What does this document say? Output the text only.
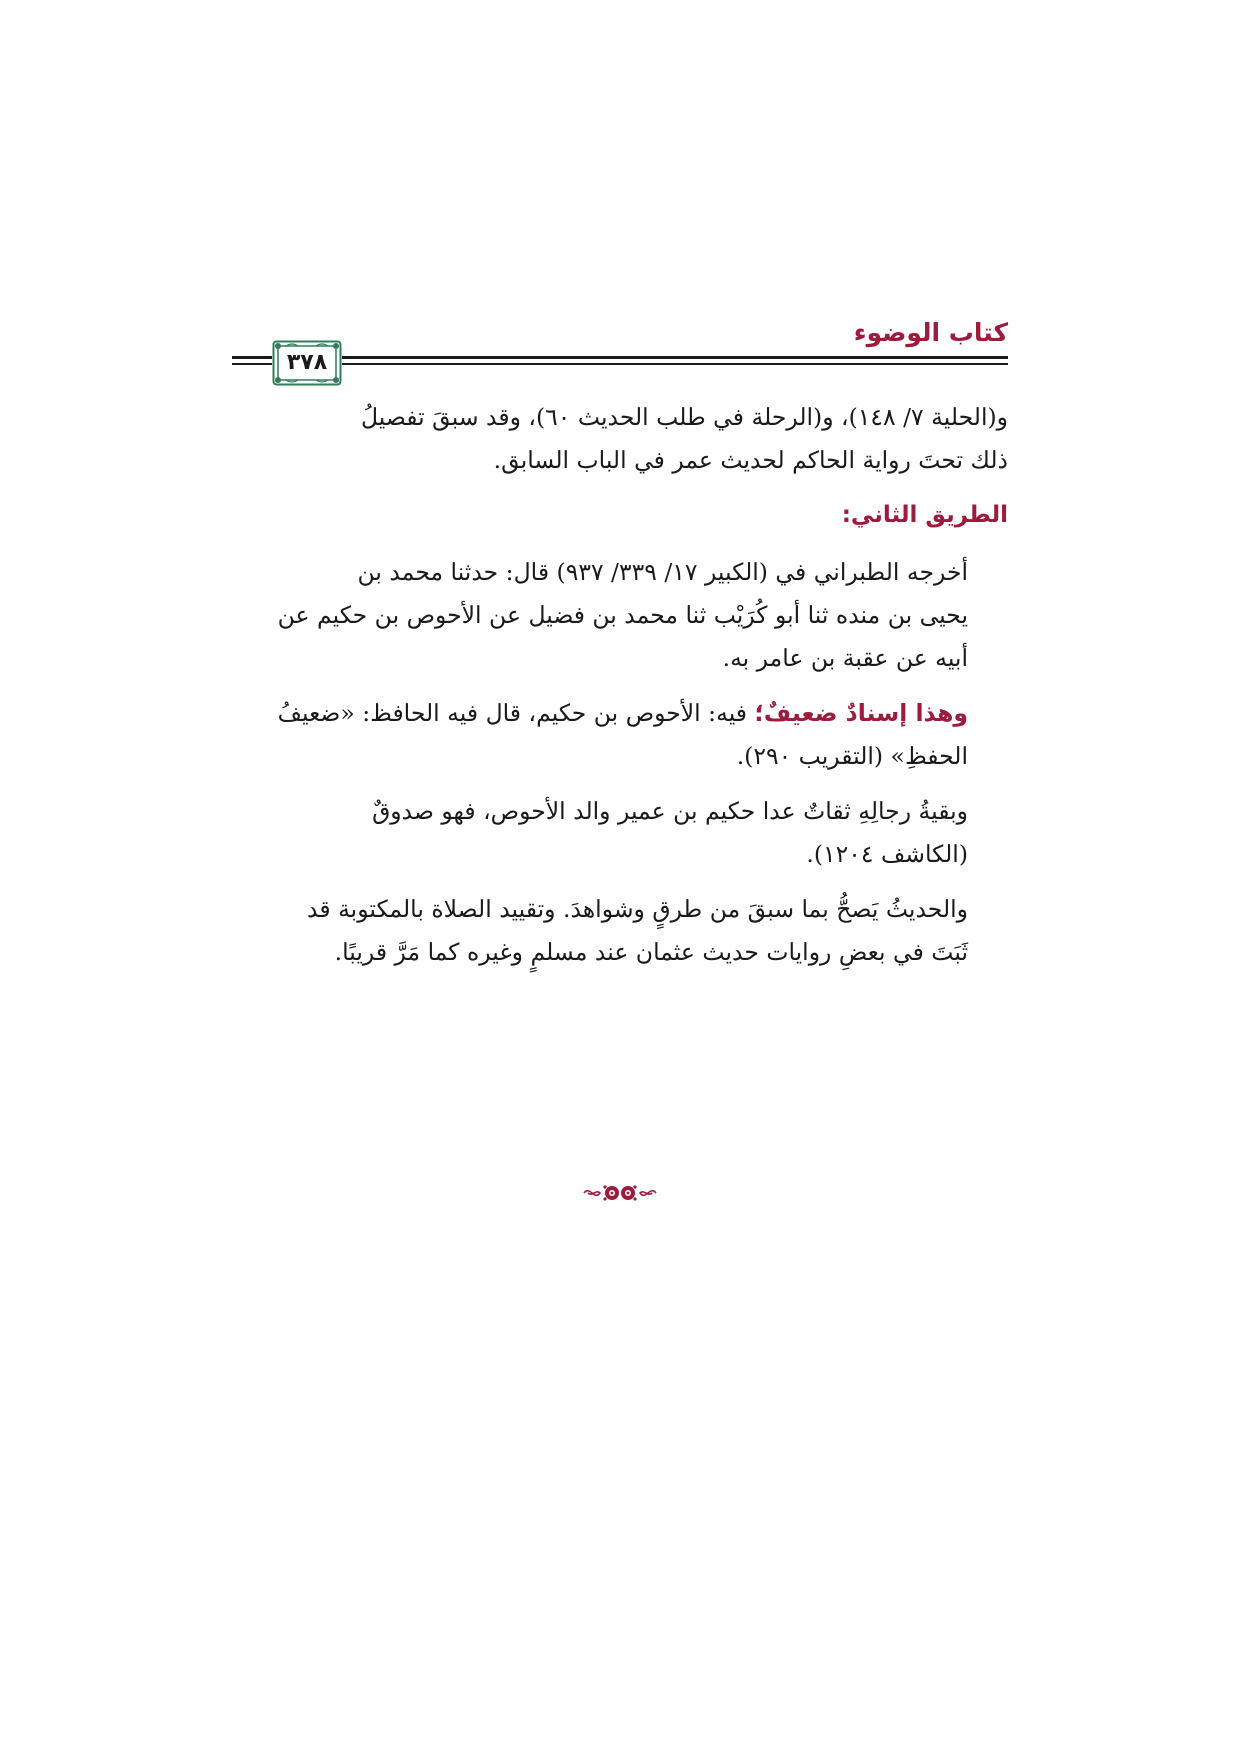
كتاب الوضوء
٣٧٨

و(الحلية ٧/ ١٤٨)، و(الرحلة في طلب الحديث ٦٠)، وقد سبقَ تفصيلُ
ذلك تحتَ رواية الحاكم لحديث عمر في الباب السابق.

الطريق الثاني:

أخرجه الطبراني في (الكبير ١٧/ ٣٣٩/ ٩٣٧) قال: حدثنا محمد بن
يحيى بن منده ثنا أبو كُرَيْب ثنا محمد بن فضيل عن الأحوص بن حكيم عن
أبيه عن عقبة بن عامر به.

وهذا إسنادٌ ضعيفٌ؛ فيه: الأحوص بن حكيم، قال فيه الحافظ: «ضعيفُ
الحفظِ» (التقريب ٢٩٠).

وبقيةُ رجالِهِ ثقاتٌ عدا حكيم بن عمير والد الأحوص، فهو صدوقٌ
(الكاشف ١٢٠٤).

والحديثُ يَصحُّ بما سبقَ من طرقٍ وشواهدَ. وتقييد الصلاة بالمكتوبة قد
ثَبَتَ في بعضِ روايات حديث عثمان عند مسلمٍ وغيره كما مَرَّ قريبًا.
